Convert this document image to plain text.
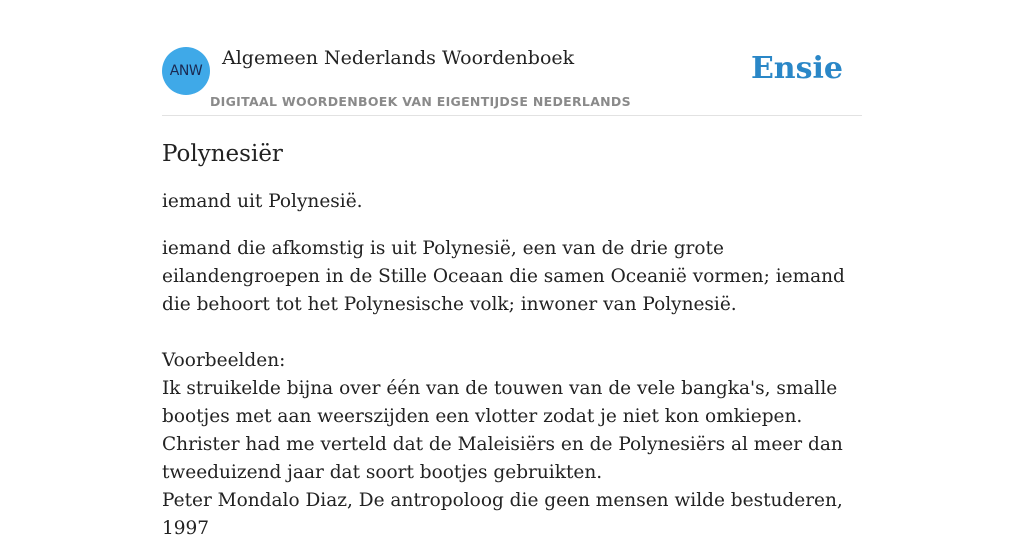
ANW
Algemeen Nederlands Woordenboek
DIGITAAL WOORDENBOEK VAN EIGENTIJDSE NEDERLANDS
Ensie
Polynesiër

iemand uit Polynesië.

iemand die afkomstig is uit Polynesië, een van de drie grote eilandengroepen in de Stille Oceaan die samen Oceanië vormen; iemand die behoort tot het Polynesische volk; inwoner van Polynesië.

Voorbeelden:

Ik struikelde bijna over één van de touwen van de vele bangka's, smalle bootjes met aan weerszijden een vlotter zodat je niet kon omkiepen. Christer had me verteld dat de Maleisiërs en de Polynesiërs al meer dan tweeduizend jaar dat soort bootjes gebruikten.

Peter Mondalo Diaz, De antropoloog die geen mensen wilde bestuderen, 1997
